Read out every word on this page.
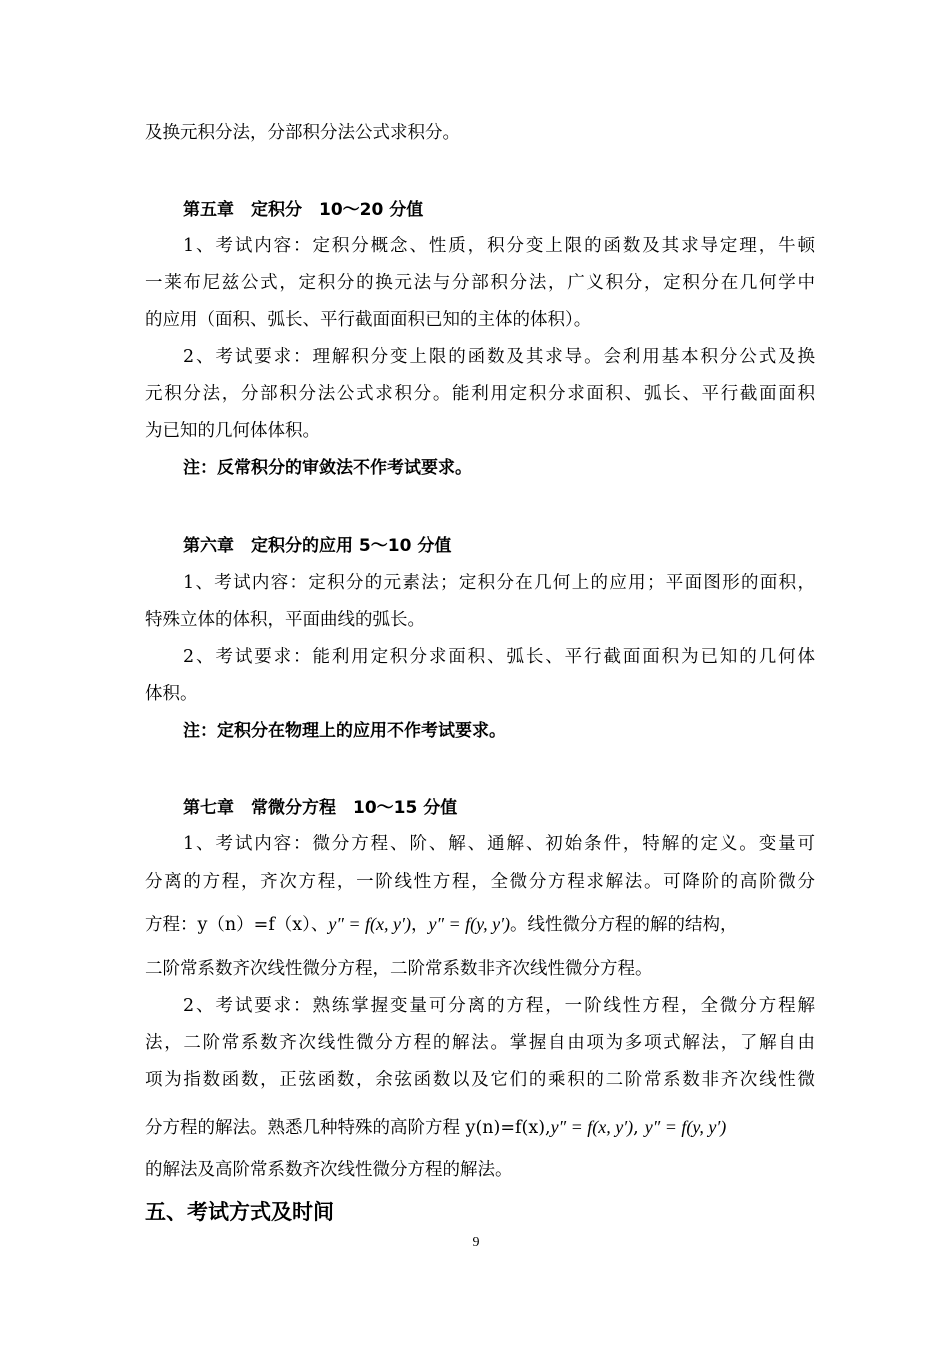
及换元积分法，分部积分法公式求积分。
第五章　定积分　10～20 分值
1、考试内容：定积分概念、性质，积分变上限的函数及其求导定理，牛顿
一莱布尼兹公式，定积分的换元法与分部积分法，广义积分，定积分在几何学中
的应用（面积、弧长、平行截面面积已知的主体的体积）。
2、考试要求：理解积分变上限的函数及其求导。会利用基本积分公式及换
元积分法，分部积分法公式求积分。能利用定积分求面积、弧长、平行截面面积
为已知的几何体体积。
注：反常积分的审敛法不作考试要求。
第六章　定积分的应用 5～10 分值
1、考试内容：定积分的元素法；定积分在几何上的应用；平面图形的面积，
特殊立体的体积，平面曲线的弧长。
2、考试要求：能利用定积分求面积、弧长、平行截面面积为已知的几何体
体积。
注：定积分在物理上的应用不作考试要求。
第七章　常微分方程　10～15 分值
1、考试内容：微分方程、阶、解、通解、初始条件，特解的定义。变量可
分离的方程，齐次方程，一阶线性方程，全微分方程求解法。可降阶的高阶微分
方程：y（n）=f（x）、y″ = f(x, y′)，y″ = f(y, y′)。线性微分方程的解的结构，
二阶常系数齐次线性微分方程，二阶常系数非齐次线性微分方程。
2、考试要求：熟练掌握变量可分离的方程，一阶线性方程，全微分方程解
法，二阶常系数齐次线性微分方程的解法。掌握自由项为多项式解法，了解自由
项为指数函数，正弦函数，余弦函数以及它们的乘积的二阶常系数非齐次线性微
分方程的解法。熟悉几种特殊的高阶方程 y(n)=f(x),y″ = f(x, y′), y″ = f(y, y′)
的解法及高阶常系数齐次线性微分方程的解法。
五、考试方式及时间
9
